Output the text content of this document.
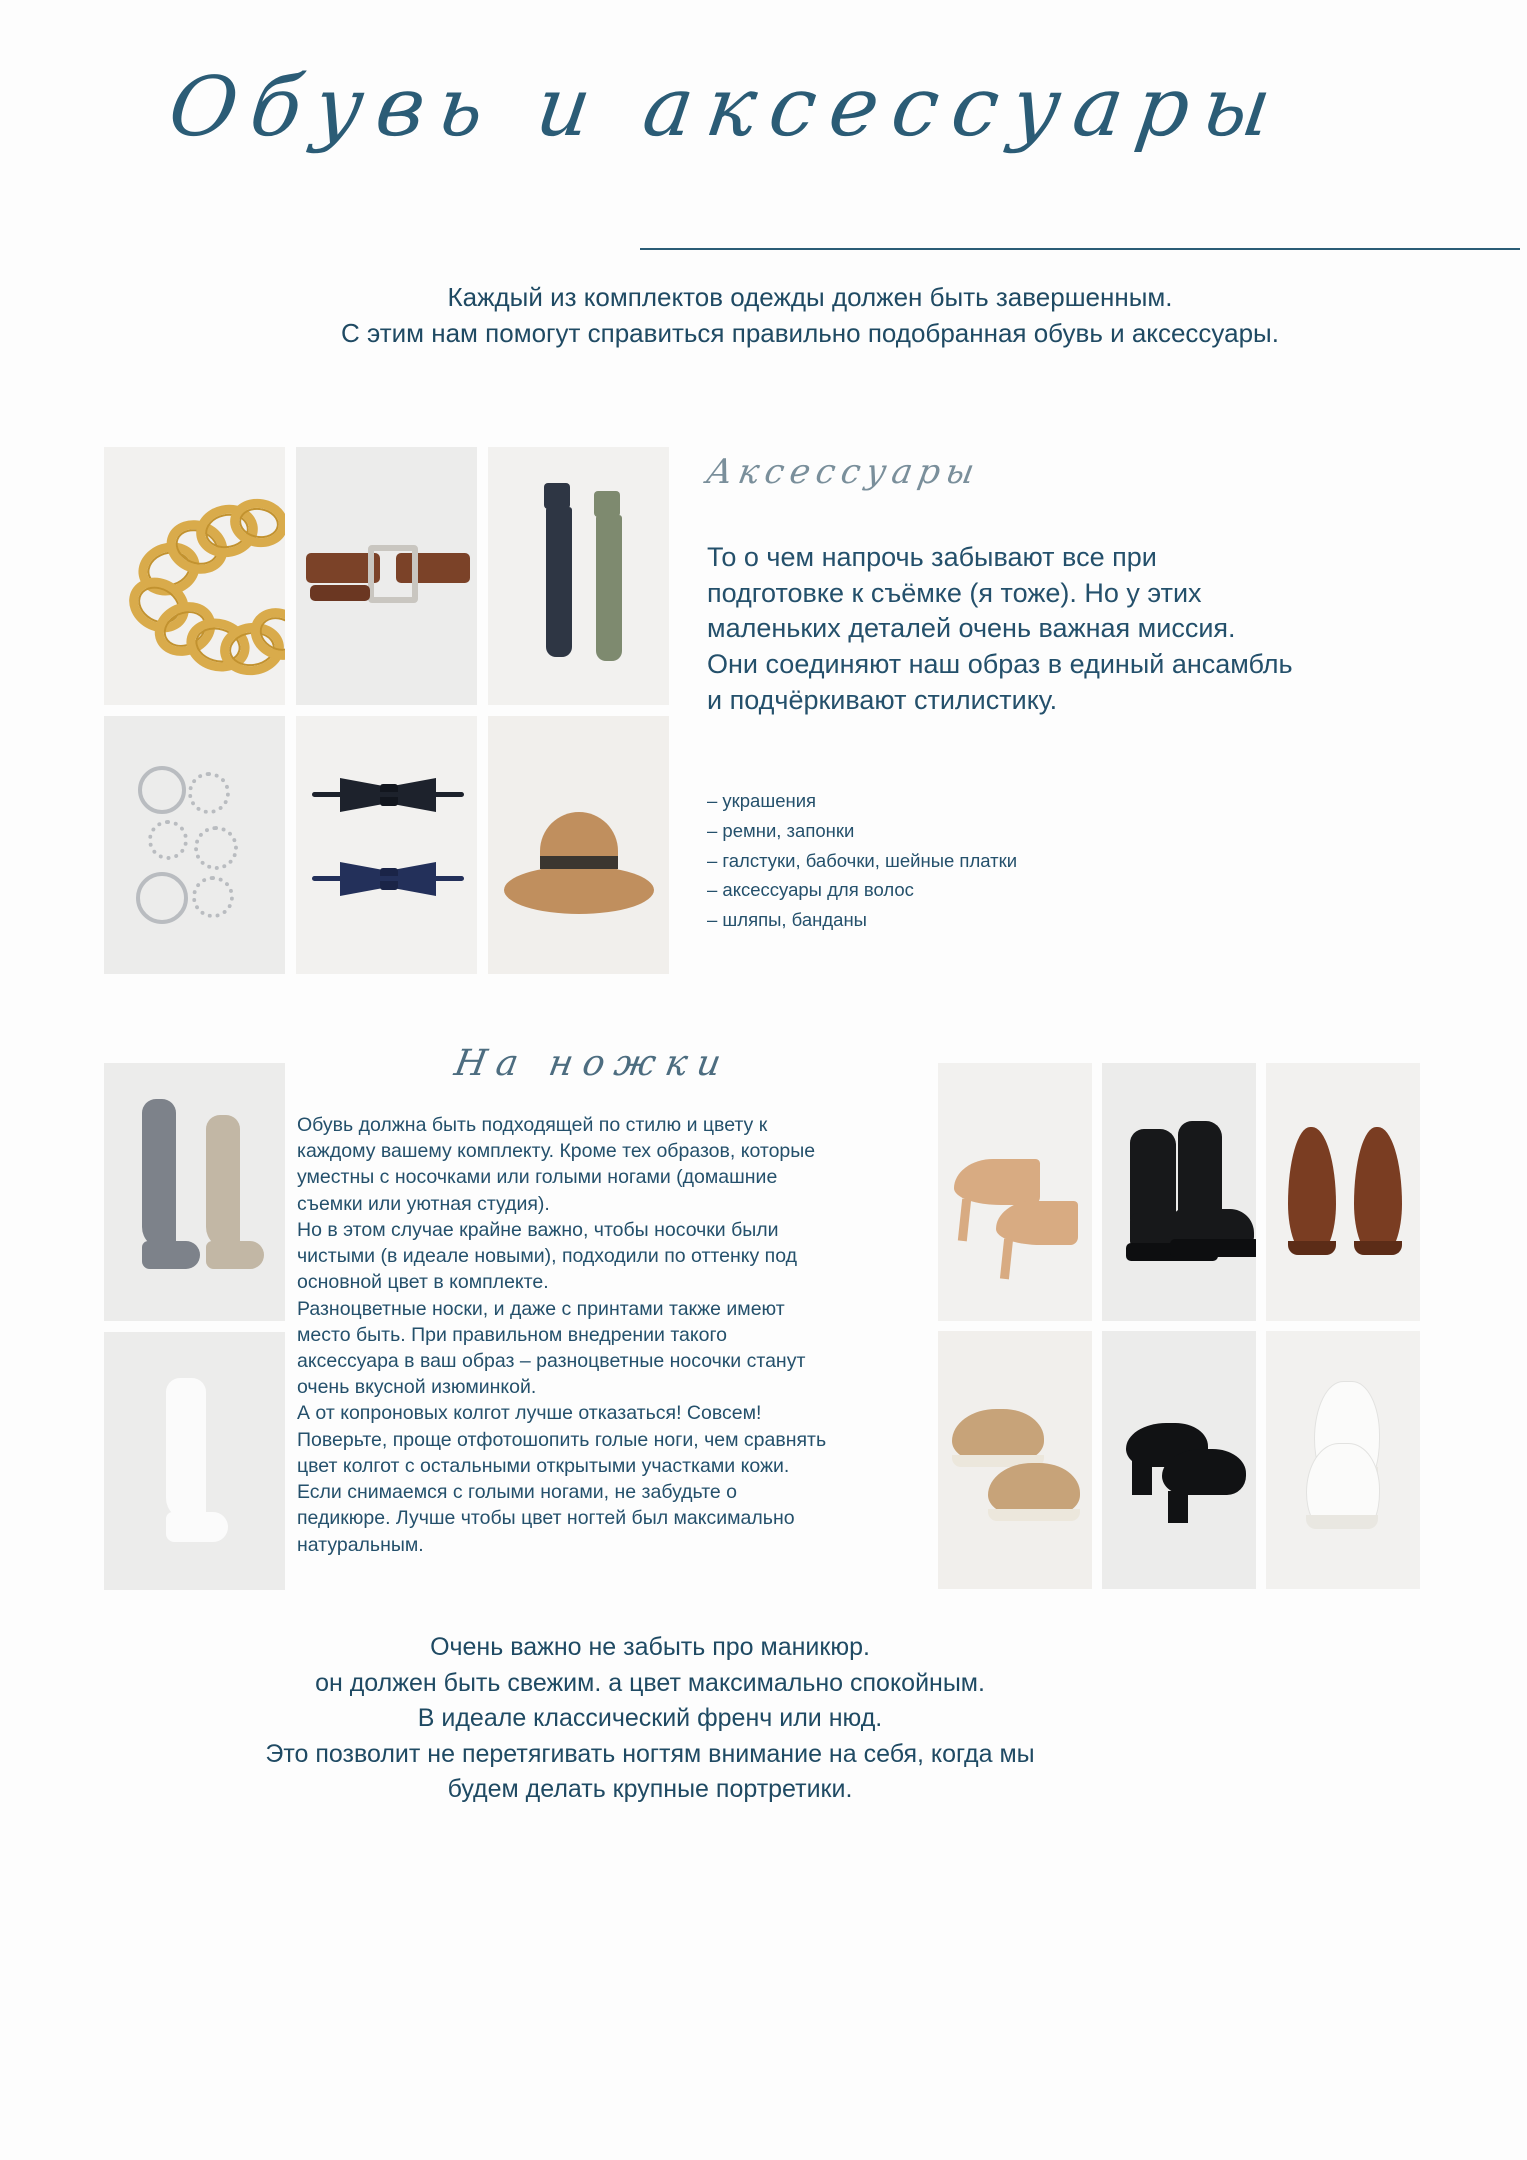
Обувь и аксессуары
Каждый из комплектов одежды должен быть завершенным.
С этим нам помогут справиться правильно подобранная обувь и аксессуары.
Аксессуары
То о чем напрочь забывают все при
подготовке к съёмке (я тоже). Но у этих
маленьких деталей очень важная миссия.
Они соединяют наш образ в единый ансамбль
и подчёркивают стилистику.
– украшения
– ремни, запонки
– галстуки, бабочки, шейные платки
– аксессуары для волос
– шляпы, банданы
На ножки
Обувь должна быть подходящей по стилю и цвету к
каждому вашему комплекту. Кроме тех образов, которые
уместны с носочками или голыми ногами (домашние
съемки или уютная студия).
Но в этом случае крайне важно, чтобы носочки были
чистыми (в идеале новыми), подходили по оттенку под
основной цвет в комплекте.
Разноцветные носки, и даже с принтами также имеют
место быть. При правильном внедрении такого
аксессуара в ваш образ – разноцветные носочки станут
очень вкусной изюминкой.
А от копроновых колгот лучше отказаться! Совсем!
Поверьте, проще отфотошопить голые ноги, чем сравнять
цвет колгот с остальными открытыми участками кожи.
Если снимаемся с голыми ногами, не забудьте о
педикюре. Лучше чтобы цвет ногтей был максимально
натуральным.
Очень важно не забыть про маникюр.
он должен быть свежим. а цвет максимально спокойным.
В идеале классический френч или нюд.
Это позволит не перетягивать ногтям внимание на себя, когда мы
будем делать крупные портретики.
